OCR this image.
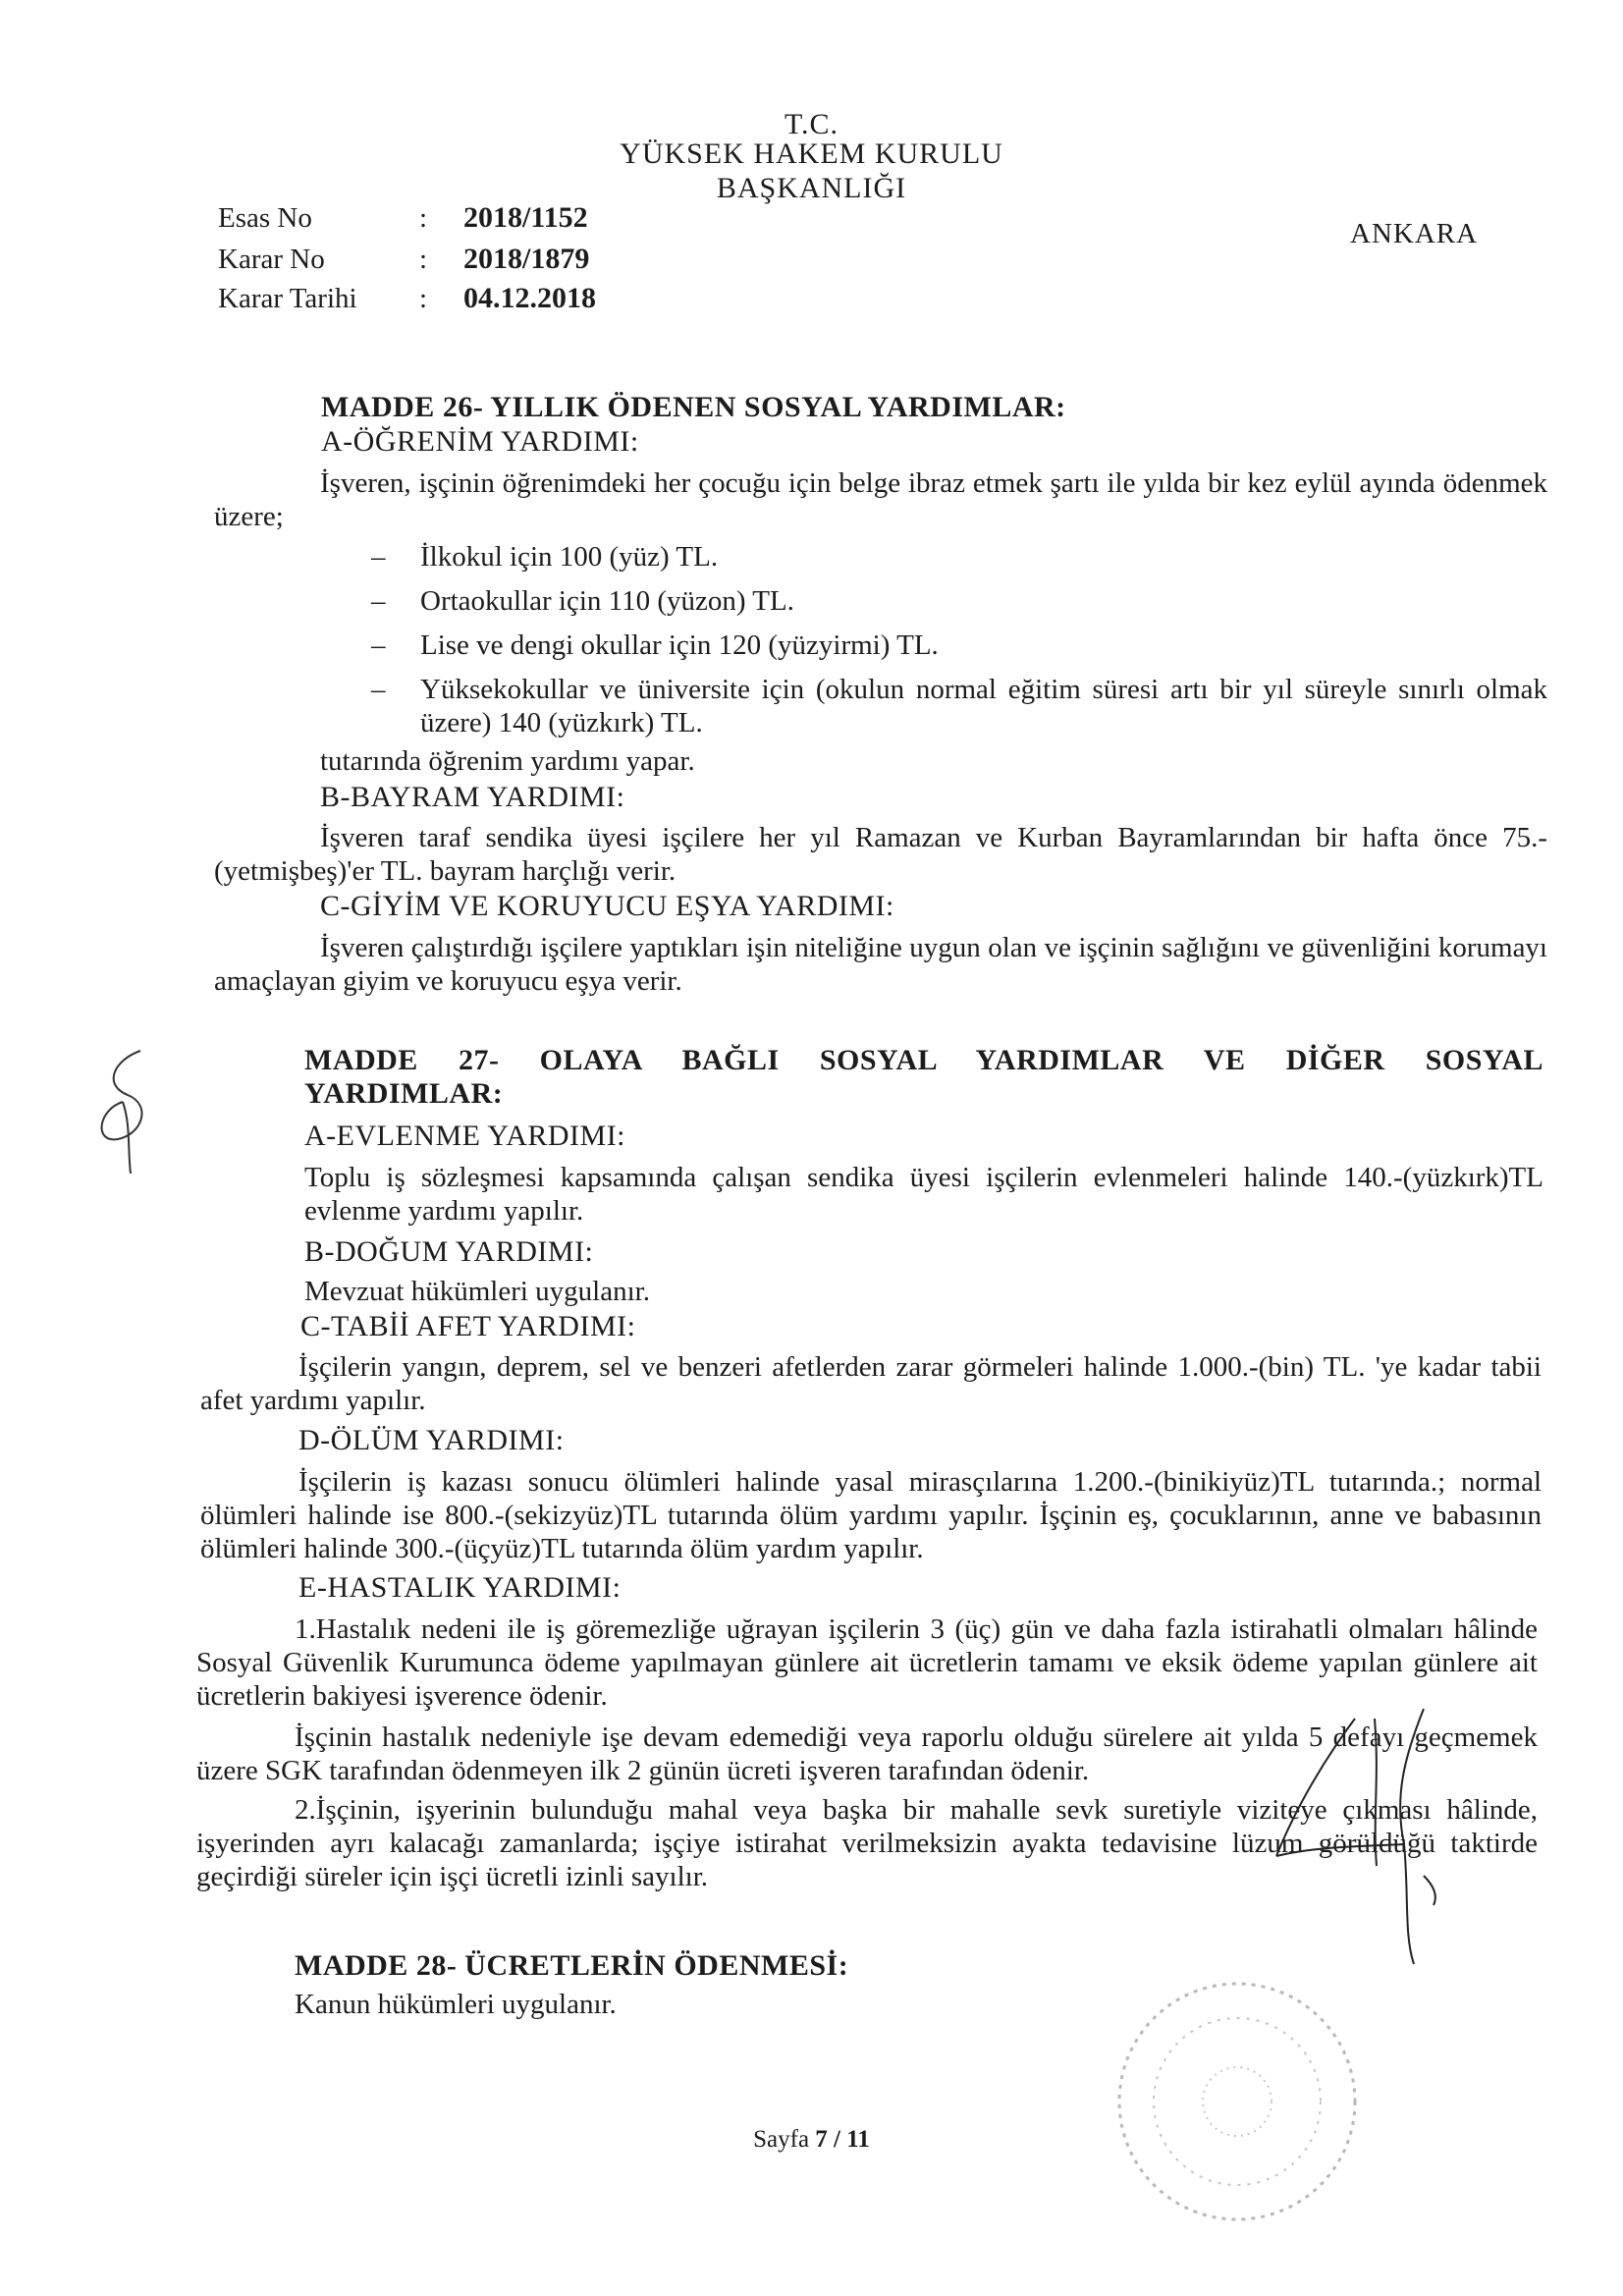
T.C.
YÜKSEK HAKEM KURULU
BAŞKANLIĞI
ANKARA
Esas No	: 2018/1152
Karar No	: 2018/1879
Karar Tarihi : 04.12.2018
MADDE 26- YILLIK ÖDENEN SOSYAL YARDIMLAR:
A-ÖĞRENİM YARDIMI:
İşveren, işçinin öğrenimdeki her çocuğu için belge ibraz etmek şartı ile yılda bir kez eylül ayında ödenmek üzere;
– İlkokul için 100 (yüz) TL.
– Ortaokullar için 110 (yüzon) TL.
– Lise ve dengi okullar için 120 (yüzyirmi) TL.
– Yüksekokullar ve üniversite için (okulun normal eğitim süresi artı bir yıl süreyle sınırlı olmak üzere) 140 (yüzkırk) TL.
tutarında öğrenim yardımı yapar.
B-BAYRAM YARDIMI:
İşveren taraf sendika üyesi işçilere her yıl Ramazan ve Kurban Bayramlarından bir hafta önce 75.-(yetmişbeş)'er TL. bayram harçlığı verir.
C-GİYİM VE KORUYUCU EŞYA YARDIMI:
İşveren çalıştırdığı işçilere yaptıkları işin niteliğine uygun olan ve işçinin sağlığını ve güvenliğini korumayı amaçlayan giyim ve koruyucu eşya verir.
MADDE 27- OLAYA BAĞLI SOSYAL YARDIMLAR VE DİĞER SOSYAL YARDIMLAR:
A-EVLENME YARDIMI:
Toplu iş sözleşmesi kapsamında çalışan sendika üyesi işçilerin evlenmeleri halinde 140.-(yüzkırk)TL evlenme yardımı yapılır.
B-DOĞUM YARDIMI:
Mevzuat hükümleri uygulanır.
C-TABİİ AFET YARDIMI:
İşçilerin yangın, deprem, sel ve benzeri afetlerden zarar görmeleri halinde 1.000.-(bin) TL. 'ye kadar tabii afet yardımı yapılır.
D-ÖLÜM YARDIMI:
İşçilerin iş kazası sonucu ölümleri halinde yasal mirasçılarına 1.200.-(binikiyüz)TL tutarında.; normal ölümleri halinde ise 800.-(sekizyüz)TL tutarında ölüm yardımı yapılır. İşçinin eş, çocuklarının, anne ve babasının ölümleri halinde 300.-(üçyüz)TL tutarında ölüm yardım yapılır.
E-HASTALIK YARDIMI:
1.Hastalık nedeni ile iş göremezliğe uğrayan işçilerin 3 (üç) gün ve daha fazla istirahatli olmaları hâlinde Sosyal Güvenlik Kurumunca ödeme yapılmayan günlere ait ücretlerin tamamı ve eksik ödeme yapılan günlere ait ücretlerin bakiyesi işverence ödenir.
İşçinin hastalık nedeniyle işe devam edemediği veya raporlu olduğu sürelere ait yılda 5 defayı geçmemek üzere SGK tarafından ödenmeyen ilk 2 günün ücreti işveren tarafından ödenir.
2.İşçinin, işyerinin bulunduğu mahal veya başka bir mahalle sevk suretiyle viziteye çıkması hâlinde, işyerinden ayrı kalacağı zamanlarda; işçiye istirahat verilmeksizin ayakta tedavisine lüzum görüldüğü taktirde geçirdiği süreler için işçi ücretli izinli sayılır.
MADDE 28- ÜCRETLERİN ÖDENMESİ:
Kanun hükümleri uygulanır.
Sayfa 7 / 11
